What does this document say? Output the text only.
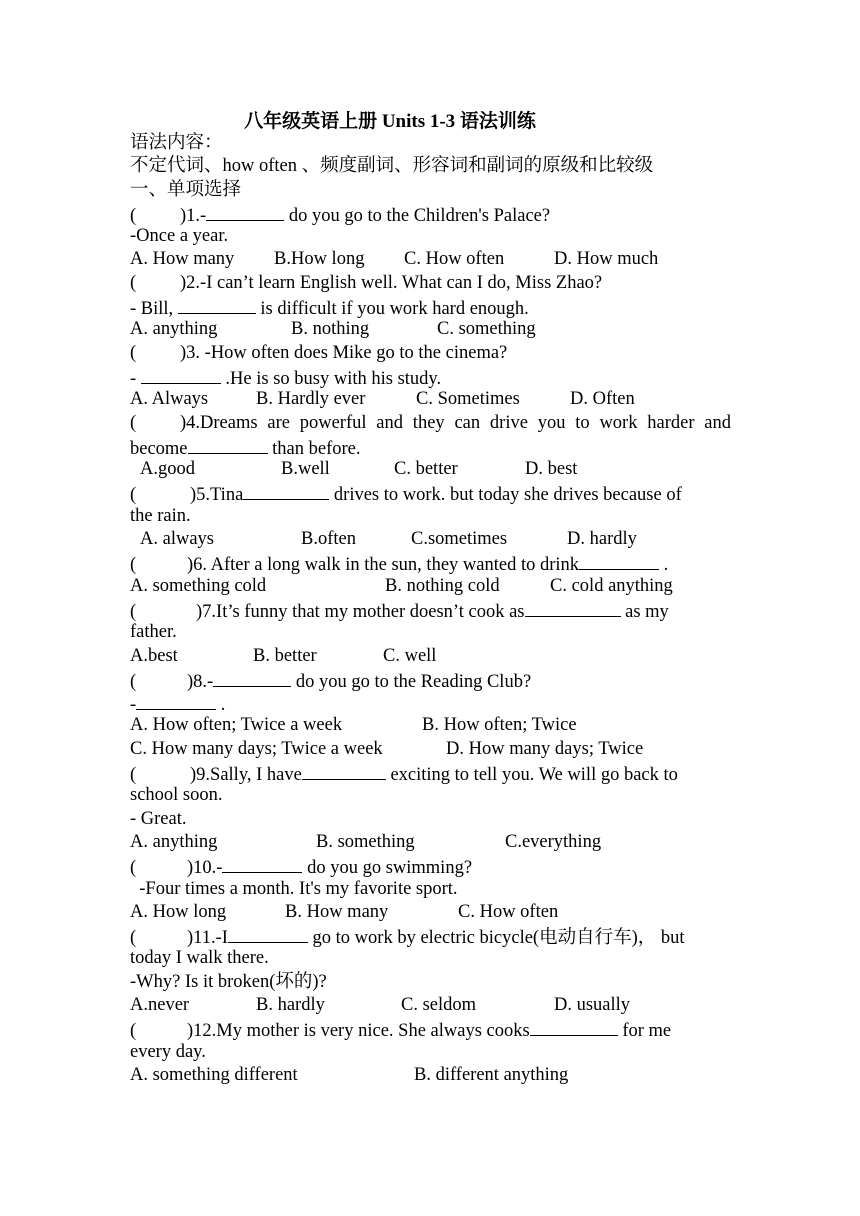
八年级英语上册 Units 1-3 语法训练
语法内容：
不定代词、how often 、频度副词、形容词和副词的原级和比较级
一、单项选择
( )1.-	do you go to the Children's Palace?
-Once a year.
A. How many	B.How long	C. How often	D. How much
( )2.-I can’t learn English well. What can I do, Miss Zhao?
- Bill,	is difficult if you work hard enough.
A. anything	B. nothing	C. something
( )3. -How often does Mike go to the cinema?
-	.He is so busy with his study.
A. Always	B. Hardly ever	C. Sometimes	D. Often
( )4.Dreams are powerful and they can drive you to work harder and
become	than before.
A.good	B.well	C. better	D. best
(	)5.Tina	drives to work. but today she drives because of
the rain.
A. always	B.often	C.sometimes	D. hardly
(	)6. After a long walk in the sun, they wanted to drink	.
A. something cold	B. nothing cold	C. cold anything
(	)7.It’s funny that my mother doesn’t cook as	as my
father.
A.best	B. better	C. well
(	)8.-	do you go to the Reading Club?
-	.
A. How often; Twice a week	B. How often; Twice
C. How many days; Twice a week	D. How many days; Twice
(	)9.Sally, I have	exciting to tell you. We will go back to
school soon.
- Great.
A. anything	B. something	C.everything
(	)10.-	do you go swimming?
-Four times a month. It's my favorite sport.
A. How long	B. How many	C. How often
(	)11.-I	go to work by electric bicycle(电动自行车)， but
today I walk there.
-Why? Is it broken(坏的)?
A.never	B. hardly	C. seldom	D. usually
(	)12.My mother is very nice. She always cooks	for me
every day.
A. something different	B. different anything
